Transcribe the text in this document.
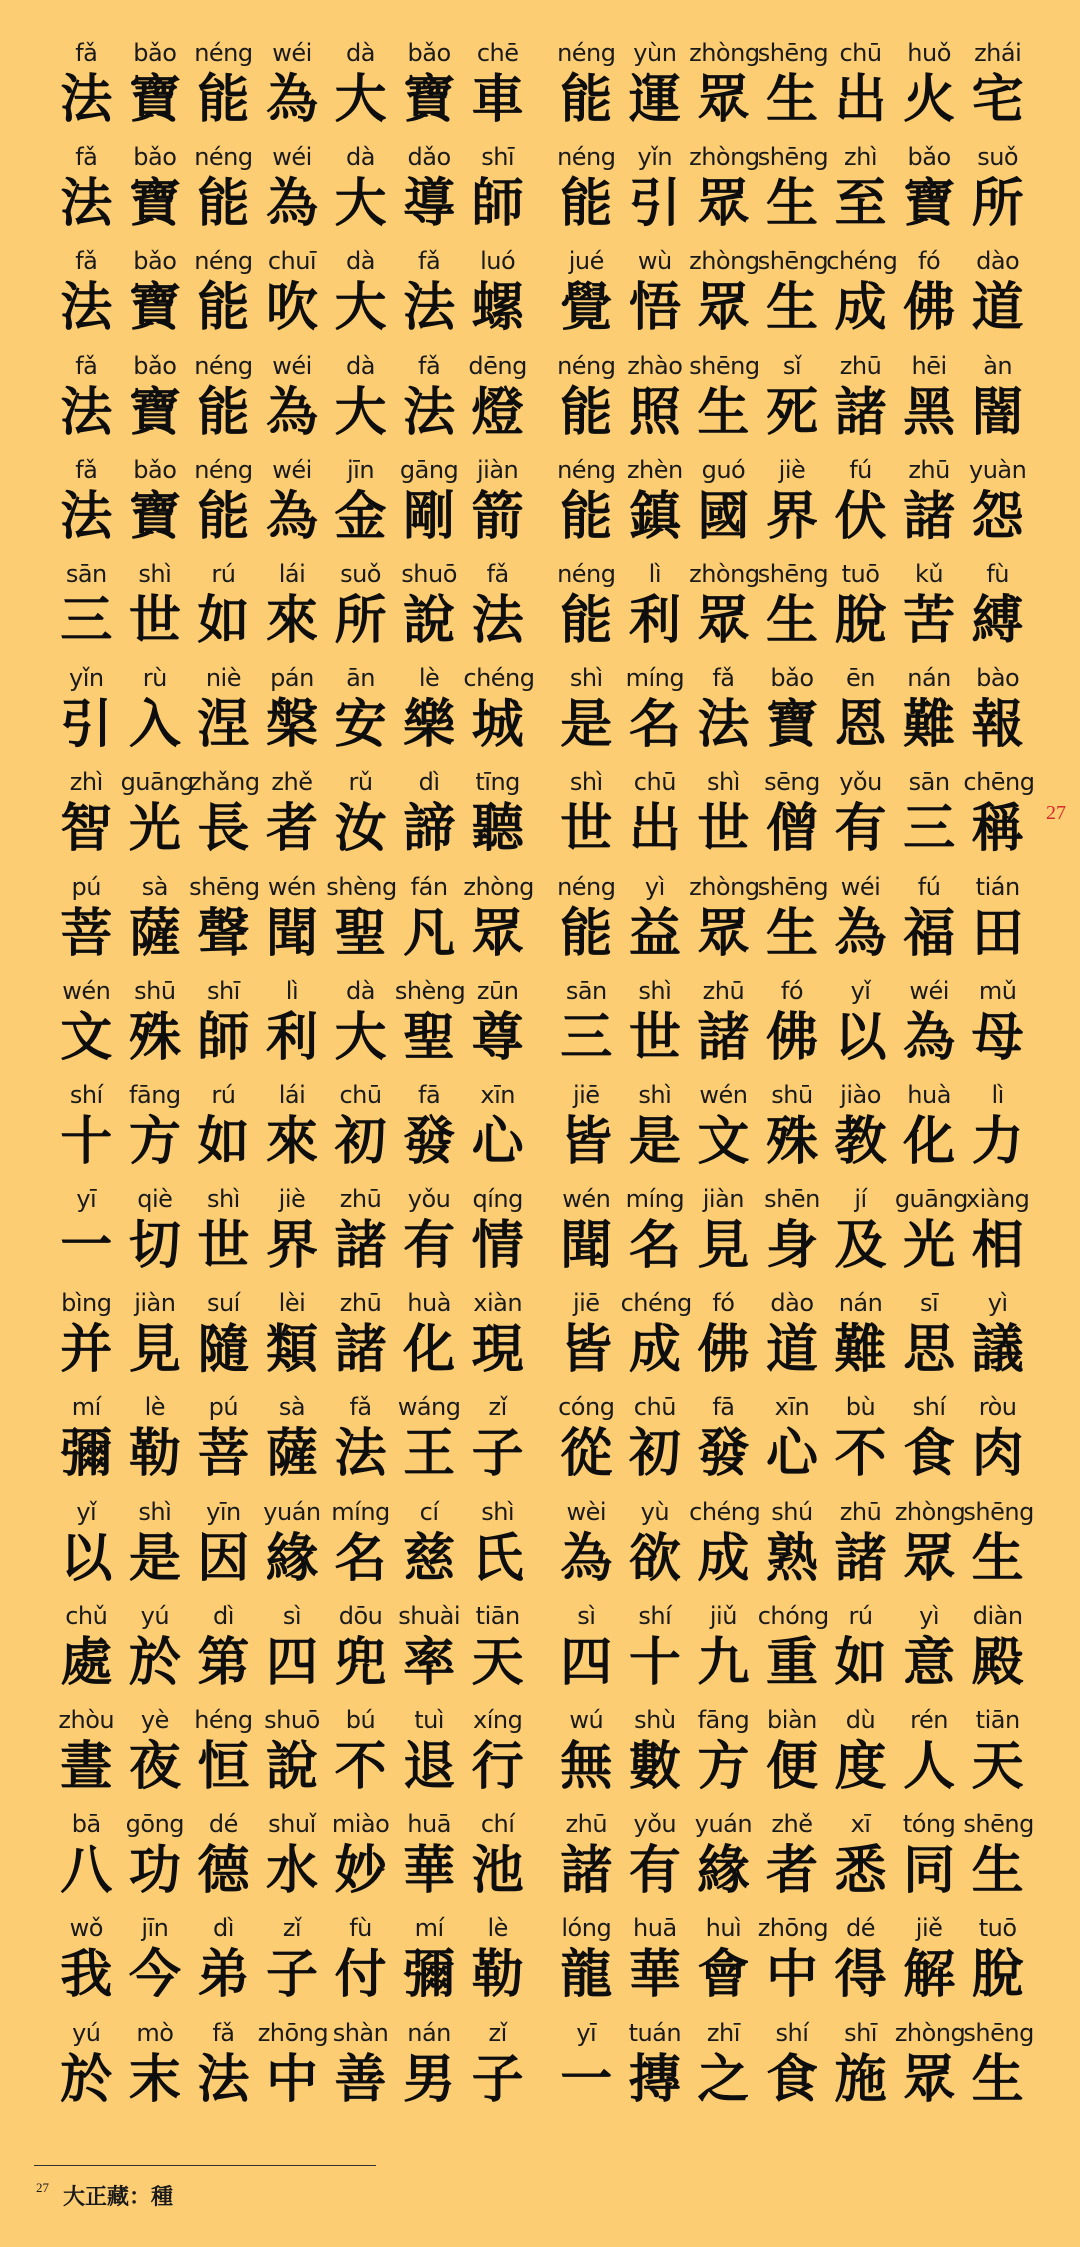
fǎ bǎo néng wéi dà bǎo chē
法 寶 能 為 大 寶 車
fǎ bǎo néng wéi dà dǎo shī
法 寶 能 為 大 導 師
fǎ bǎo néng chuī dà fǎ luó
法 寶 能 吹 大 法 螺
fǎ bǎo néng wéi dà fǎ dēng
法 寶 能 為 大 法 燈
fǎ bǎo néng wéi jīn gāng jiàn
法 寶 能 為 金 剛 箭
sān shì rú lái suǒ shuō fǎ
三 世 如 來 所 說 法
yǐn rù niè pán ān lè chéng
引 入 涅 槃 安 樂 城
zhì guāngzhǎng zhě rǔ dì tīng
智 光 長 者 汝 諦 聽
pú sà shēng wén shèng fán zhòng
菩 薩 聲 聞 聖 凡 眾
wén shū shī lì dà shèng zūn
文 殊 師 利 大 聖 尊
shí fāng rú lái chū fā xīn
十 方 如 來 初 發 心
yī qiè shì jiè zhū yǒu qíng
一 切 世 界 諸 有 情
bìng jiàn suí lèi zhū huà xiàn
并 見 隨 類 諸 化 現
mí lè pú sà fǎ wáng zǐ
彌 勒 菩 薩 法 王 子
yǐ shì yīn yuán míng cí shì
以 是 因 緣 名 慈 氏
chǔ yú dì sì dōu shuài tiān
處 於 第 四 兜 率 天
zhòu yè héng shuō bú tuì xíng
晝 夜 恒 說 不 退 行
bā gōng dé shuǐ miào huā chí
八 功 德 水 妙 華 池
wǒ jīn dì zǐ fù mí lè
我 今 弟 子 付 彌 勒
yú mò fǎ zhōng shàn nán zǐ
於 末 法 中 善 男 子
néng yùn zhòngshēng chū huǒ zhái
能 運 眾 生 出 火 宅
néng yǐn zhòngshēng zhì bǎo suǒ
能 引 眾 生 至 寶 所
jué wù zhòngshēngchéng fó dào
覺 悟 眾 生 成 佛 道
néng zhào shēng sǐ zhū hēi àn
能 照 生 死 諸 黑 闇
néng zhèn guó jiè fú zhū yuàn
能 鎮 國 界 伏 諸 怨
néng lì zhòngshēng tuō kǔ fù
能 利 眾 生 脫 苦 縛
shì míng fǎ bǎo ēn nán bào
是 名 法 寶 恩 難 報
shì chū shì sēng yǒu sān chēng
世 出 世 僧 有 三 稱	27
néng yì zhòngshēng wéi fú tián
能 益 眾 生 為 福 田
sān shì zhū fó yǐ wéi mǔ
三 世 諸 佛 以 為 母
jiē shì wén shū jiào huà lì
皆 是 文 殊 教 化 力
wén míng jiàn shēn jí guāngxiàng
聞 名 見 身 及 光 相
jiē chéng fó dào nán sī yì
皆 成 佛 道 難 思 議
cóng chū fā xīn bù shí ròu
從 初 發 心 不 食 肉
wèi yù chéng shú zhū zhòngshēng
為 欲 成 熟 諸 眾 生
sì shí jiǔ chóng rú yì diàn
四 十 九 重 如 意 殿
wú shù fāng biàn dù rén tiān
無 數 方 便 度 人 天
zhū yǒu yuán zhě xī tóng shēng
諸 有 緣 者 悉 同 生
lóng huā huì zhōng dé jiě tuō
龍 華 會 中 得 解 脫
yī tuán zhī shí shī zhòngshēng
一 摶 之 食 施 眾 生
$^{27}$ 大正藏：種
